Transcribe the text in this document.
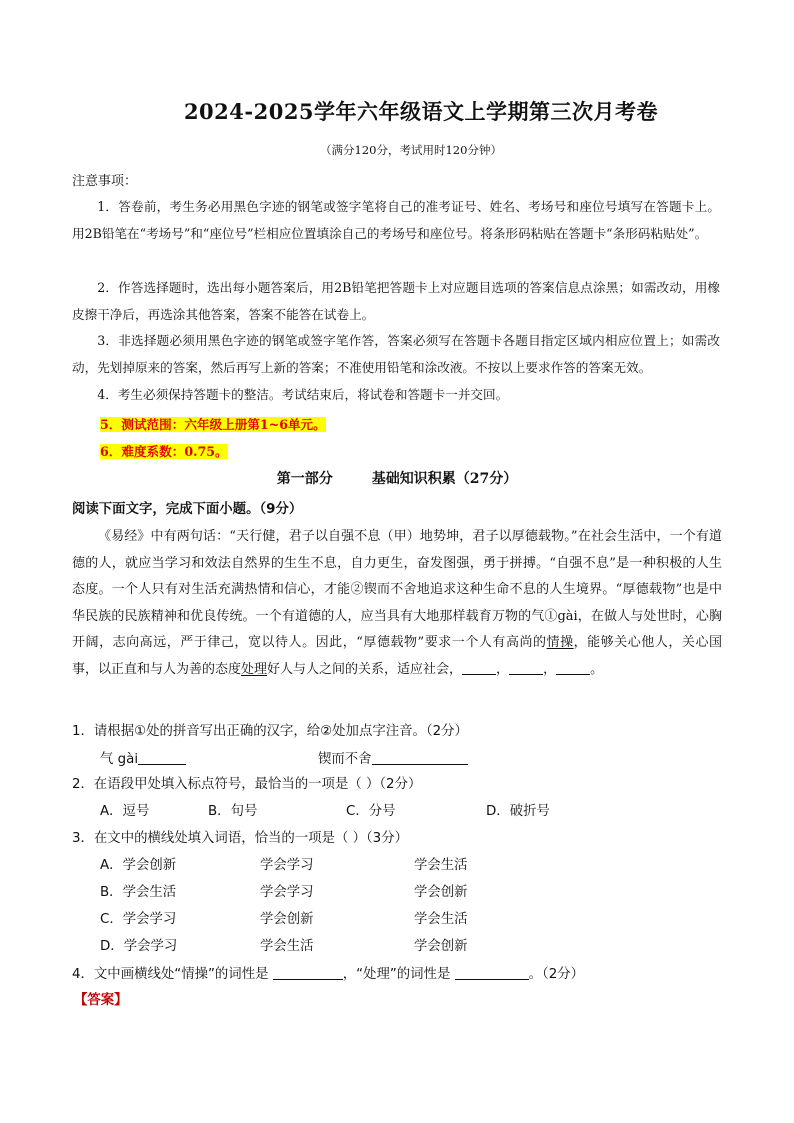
2024-2025学年六年级语文上学期第三次月考卷
（满分120分，考试用时120分钟）
注意事项：
1．答卷前，考生务必用黑色字迹的钢笔或签字笔将自己的准考证号、姓名、考场号和座位号填写在答题卡上。用2B铅笔在“考场号”和“座位号”栏相应位置填涂自己的考场号和座位号。将条形码粘贴在答题卡“条形码粘贴处”。
2．作答选择题时，选出每小题答案后，用2B铅笔把答题卡上对应题目选项的答案信息点涂黑；如需改动，用橡皮擦干净后，再选涂其他答案，答案不能答在试卷上。
3．非选择题必须用黑色字迹的钢笔或签字笔作答，答案必须写在答题卡各题目指定区域内相应位置上；如需改动，先划掉原来的答案，然后再写上新的答案；不准使用铅笔和涂改液。不按以上要求作答的答案无效。
4．考生必须保持答题卡的整洁。考试结束后，将试卷和答题卡一并交回。
5．测试范围：六年级上册第1~6单元。
6．难度系数：0.75。
第一部分        基础知识积累（27分）
阅读下面文字，完成下面小题。（9分）
《易经》中有两句话：“天行健，君子以自强不息（甲）地势坤，君子以厚德载物。”在社会生活中，一个有道德的人，就应当学习和效法自然界的生生不息，自力更生，奋发图强，勇于拼搏。“自强不息”是一种积极的人生态度。一个人只有对生活充满热情和信心，才能②锲而不舍地追求这种生命不息的人生境界。“厚德载物”也是中华民族的民族精神和优良传统。一个有道德的人，应当具有大地那样载育万物的气①gài，在做人与处世时，心胸开阔，志向高远，严于律己，宽以待人。因此，“厚德载物”要求一个人有高尚的情操，能够关心他人，关心国事，以正直和与人为善的态度处理好人与人之间的关系，适应社会，	，	，	。
1．请根据①处的拼音写出正确的汉字，给②处加点字注音。（2分）
气 gài	锲而不舍
2．在语段甲处填入标点符号，最恰当的一项是（ ）（2分）
A．逗号	B．句号	C．分号	D．破折号
3．在文中的横线处填入词语，恰当的一项是（ ）（3分）
A．学会创新	学会学习	学会生活
B．学会生活	学会学习	学会创新
C．学会学习	学会创新	学会生活
D．学会学习	学会生活	学会创新
4．文中画横线处“情操”的词性是	，“处理”的词性是	。（2分）
【答案】
